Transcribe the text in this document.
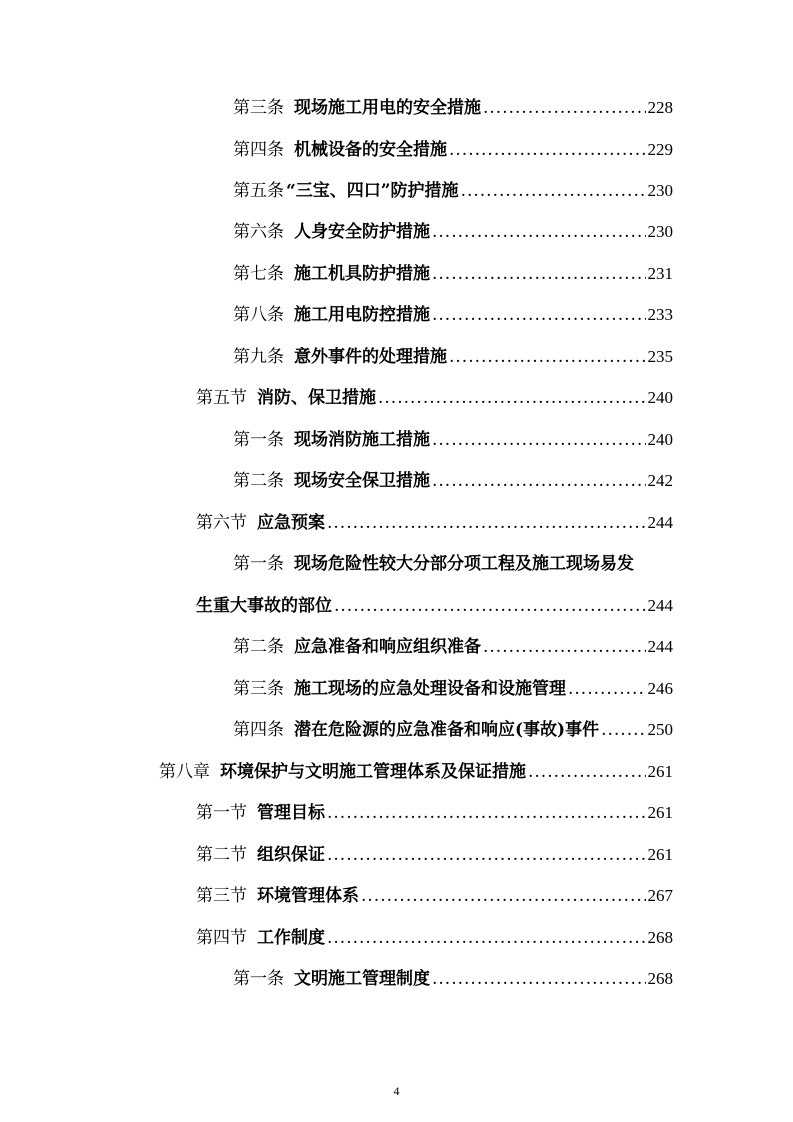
第三条 现场施工用电的安全措施 .....	228
第四条 机械设备的安全措施 .....	229
第五条 “三宝、四口”防护措施 .....	230
第六条 人身安全防护措施 .....	230
第七条 施工机具防护措施 .....	231
第八条 施工用电防控措施 .....	233
第九条 意外事件的处理措施 .....	235
第五节 消防、保卫措施 .....	240
第一条 现场消防施工措施 .....	240
第二条 现场安全保卫措施 .....	242
第六节 应急预案 .....	244
第一条 现场危险性较大分部分项工程及施工现场易发
生重大事故的部位 .....	244
第二条 应急准备和响应组织准备 .....	244
第三条 施工现场的应急处理设备和设施管理 .....	246
第四条 潜在危险源的应急准备和响应(事故)事件 .....	250
第八章 环境保护与文明施工管理体系及保证措施 .....	261
第一节 管理目标 .....	261
第二节 组织保证 .....	261
第三节 环境管理体系 .....	267
第四节 工作制度 .....	268
第一条 文明施工管理制度 .....	268
4
